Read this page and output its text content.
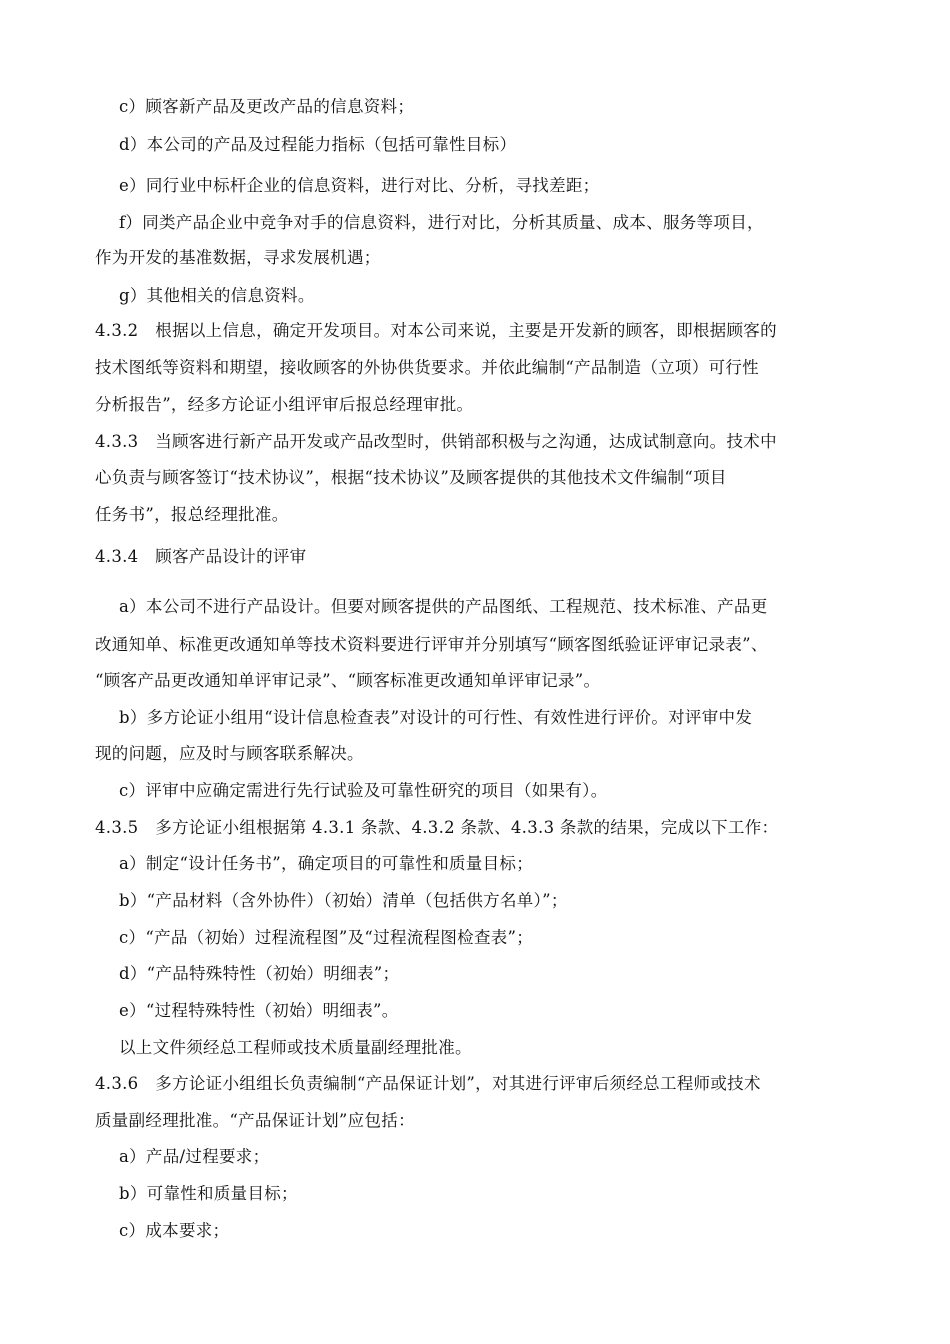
c）顾客新产品及更改产品的信息资料；
d）本公司的产品及过程能力指标（包括可靠性目标）
e）同行业中标杆企业的信息资料，进行对比、分析，寻找差距；
f）同类产品企业中竞争对手的信息资料，进行对比，分析其质量、成本、服务等项目，
作为开发的基准数据，寻求发展机遇；
g）其他相关的信息资料。
4.3.2　根据以上信息，确定开发项目。对本公司来说，主要是开发新的顾客，即根据顾客的
技术图纸等资料和期望，接收顾客的外协供货要求。并依此编制“产品制造（立项）可行性
分析报告”，经多方论证小组评审后报总经理审批。
4.3.3　当顾客进行新产品开发或产品改型时，供销部积极与之沟通，达成试制意向。技术中
心负责与顾客签订“技术协议”，根据“技术协议”及顾客提供的其他技术文件编制“项目
任务书”，报总经理批准。
4.3.4　顾客产品设计的评审
a）本公司不进行产品设计。但要对顾客提供的产品图纸、工程规范、技术标准、产品更
改通知单、标准更改通知单等技术资料要进行评审并分别填写“顾客图纸验证评审记录表”、
“顾客产品更改通知单评审记录”、“顾客标准更改通知单评审记录”。
b）多方论证小组用“设计信息检查表”对设计的可行性、有效性进行评价。对评审中发
现的问题，应及时与顾客联系解决。
c）评审中应确定需进行先行试验及可靠性研究的项目（如果有）。
4.3.5　多方论证小组根据第 4.3.1 条款、4.3.2 条款、4.3.3 条款的结果，完成以下工作：
a）制定“设计任务书”，确定项目的可靠性和质量目标；
b）“产品材料（含外协件）（初始）清单（包括供方名单）”；
c）“产品（初始）过程流程图”及“过程流程图检查表”；
d）“产品特殊特性（初始）明细表”；
e）“过程特殊特性（初始）明细表”。
以上文件须经总工程师或技术质量副经理批准。
4.3.6　多方论证小组组长负责编制“产品保证计划”，对其进行评审后须经总工程师或技术
质量副经理批准。“产品保证计划”应包括：
a）产品/过程要求；
b）可靠性和质量目标；
c）成本要求；
